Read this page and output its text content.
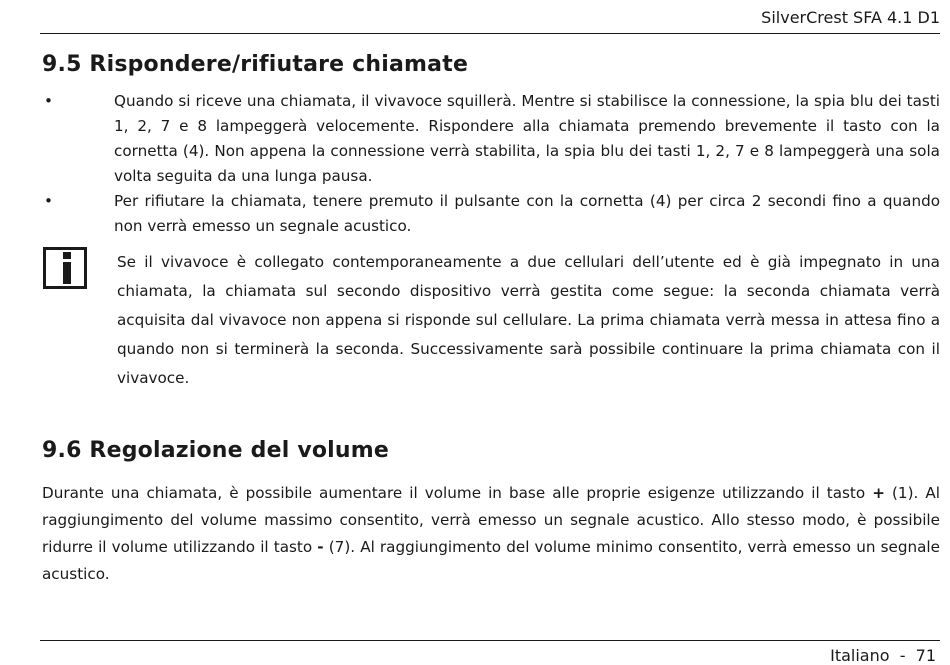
SilverCrest SFA 4.1 D1
9.5 Rispondere/rifiutare chiamate
•	Quando si riceve una chiamata, il vivavoce squillerà. Mentre si stabilisce la connessione, la spia blu dei tasti 1, 2, 7 e 8 lampeggerà velocemente. Rispondere alla chiamata premendo brevemente il tasto con la cornetta (4). Non appena la connessione verrà stabilita, la spia blu dei tasti 1, 2, 7 e 8 lampeggerà una sola volta seguita da una lunga pausa.
•	Per rifiutare la chiamata, tenere premuto il pulsante con la cornetta (4) per circa 2 secondi fino a quando non verrà emesso un segnale acustico.
Se il vivavoce è collegato contemporaneamente a due cellulari dell’utente ed è già impegnato in una chiamata, la chiamata sul secondo dispositivo verrà gestita come segue: la seconda chiamata verrà acquisita dal vivavoce non appena si risponde sul cellulare. La prima chiamata verrà messa in attesa fino a quando non si terminerà la seconda. Successivamente sarà possibile continuare la prima chiamata con il vivavoce.
9.6 Regolazione del volume
Durante una chiamata, è possibile aumentare il volume in base alle proprie esigenze utilizzando il tasto + (1). Al raggiungimento del volume massimo consentito, verrà emesso un segnale acustico. Allo stesso modo, è possibile ridurre il volume utilizzando il tasto - (7). Al raggiungimento del volume minimo consentito, verrà emesso un segnale acustico.
Italiano  -  71
